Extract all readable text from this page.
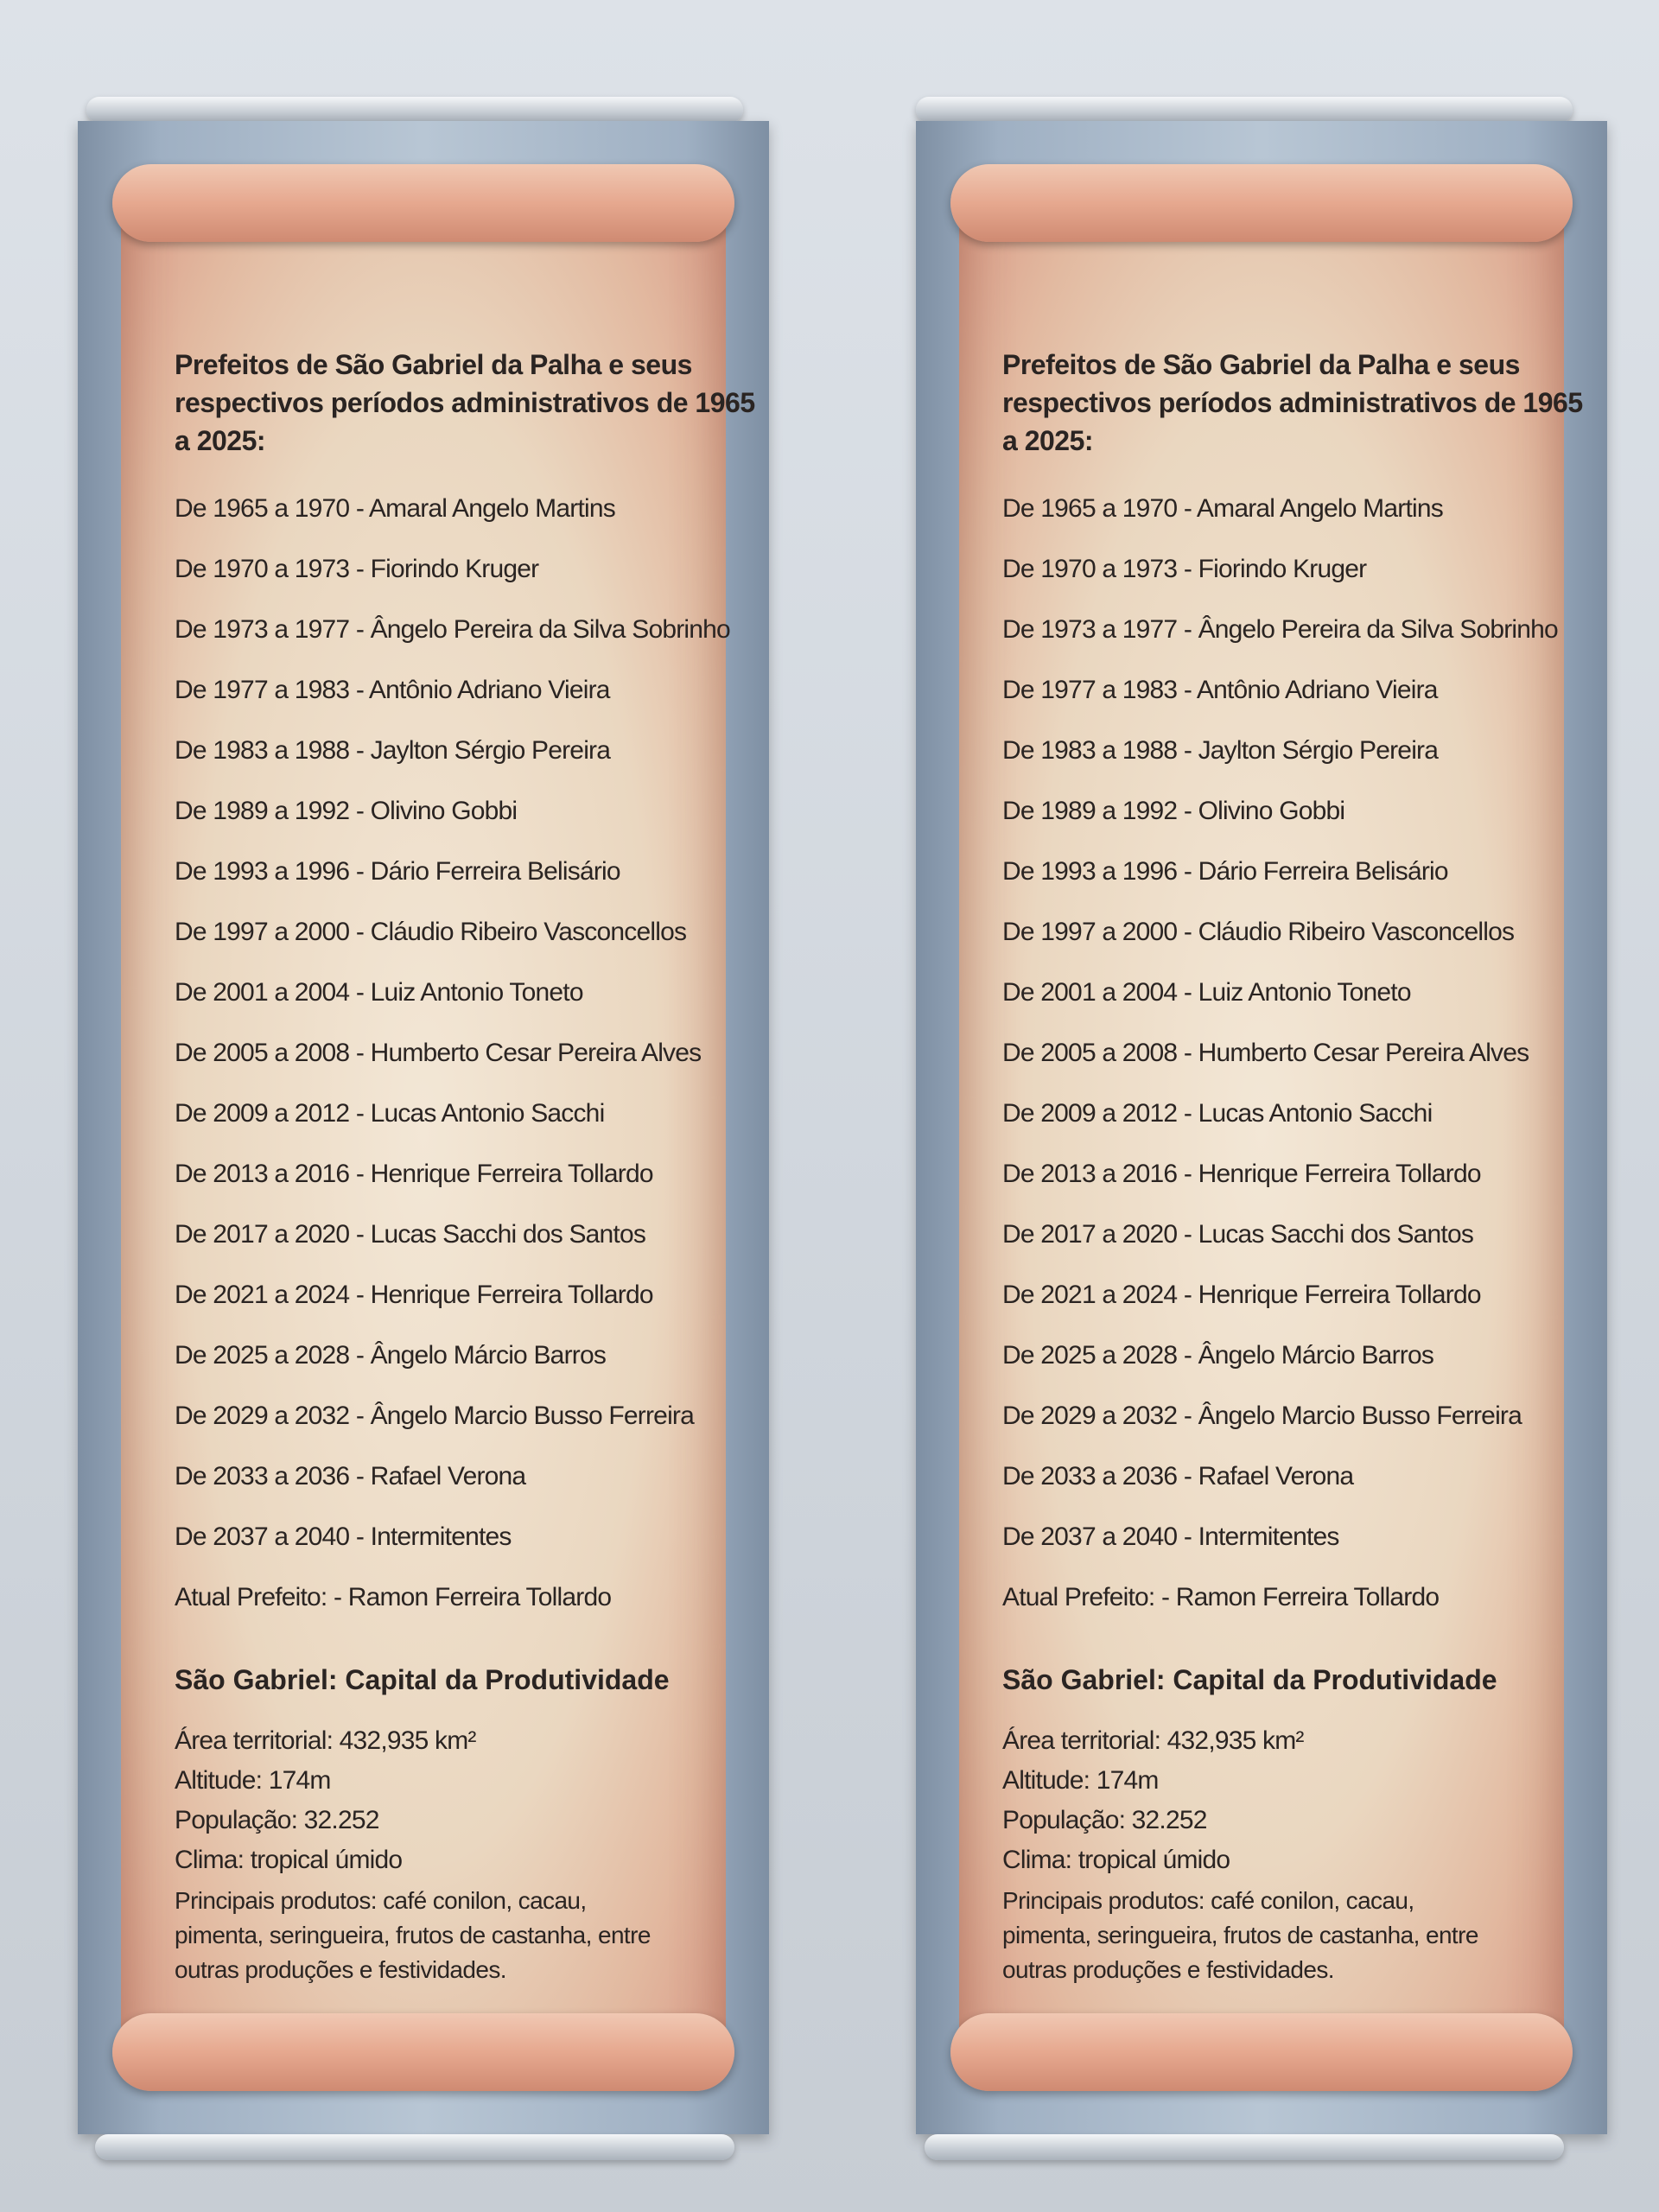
Prefeitos de São Gabriel da Palha e seus respectivos períodos administrativos de 1965 a 2025:

De 1965 a 1970 - Amaral Angelo Martins

De 1970 a 1973 - Fiorindo Kruger

De 1973 a 1977 - Ângelo Pereira da Silva Sobrinho

De 1977 a 1983 - Antônio Adriano Vieira

De 1983 a 1988 - Jaylton Sérgio Pereira

De 1989 a 1992 - Olivino Gobbi

De 1993 a 1996 - Dário Ferreira Belisário

De 1997 a 2000 - Cláudio Ribeiro Vasconcellos

De 2001 a 2004 - Luiz Antonio Toneto

De 2005 a 2008 - Humberto Cesar Pereira Alves

De 2009 a 2012 - Lucas Antonio Sacchi

De 2013 a 2016 - Henrique Ferreira Tollardo

De 2017 a 2020 - Lucas Sacchi dos Santos

De 2021 a 2024 - Henrique Ferreira Tollardo

De 2025 a 2028 - Ângelo Márcio Barros

De 2029 a 2032 - Ângelo Marcio Busso Ferreira

De 2033 a 2036 - Rafael Verona

De 2037 a 2040 - Intermitentes

Atual Prefeito: - Ramon Ferreira Tollardo

São Gabriel: Capital da Produtividade

Área territorial: 432,935 km²

Altitude: 174m

População: 32.252

Clima: tropical úmido

Principais produtos: café conilon, cacau, pimenta, seringueira, frutos de castanha, entre outras produções e festividades.

Prefeitos de São Gabriel da Palha e seus respectivos períodos administrativos de 1965 a 2025:

De 1965 a 1970 - Amaral Angelo Martins

De 1970 a 1973 - Fiorindo Kruger

De 1973 a 1977 - Ângelo Pereira da Silva Sobrinho

De 1977 a 1983 - Antônio Adriano Vieira

De 1983 a 1988 - Jaylton Sérgio Pereira

De 1989 a 1992 - Olivino Gobbi

De 1993 a 1996 - Dário Ferreira Belisário

De 1997 a 2000 - Cláudio Ribeiro Vasconcellos

De 2001 a 2004 - Luiz Antonio Toneto

De 2005 a 2008 - Humberto Cesar Pereira Alves

De 2009 a 2012 - Lucas Antonio Sacchi

De 2013 a 2016 - Henrique Ferreira Tollardo

De 2017 a 2020 - Lucas Sacchi dos Santos

De 2021 a 2024 - Henrique Ferreira Tollardo

De 2025 a 2028 - Ângelo Márcio Barros

De 2029 a 2032 - Ângelo Marcio Busso Ferreira

De 2033 a 2036 - Rafael Verona

De 2037 a 2040 - Intermitentes

Atual Prefeito: - Ramon Ferreira Tollardo

São Gabriel: Capital da Produtividade

Área territorial: 432,935 km²

Altitude: 174m

População: 32.252

Clima: tropical úmido

Principais produtos: café conilon, cacau, pimenta, seringueira, frutos de castanha, entre outras produções e festividades.
